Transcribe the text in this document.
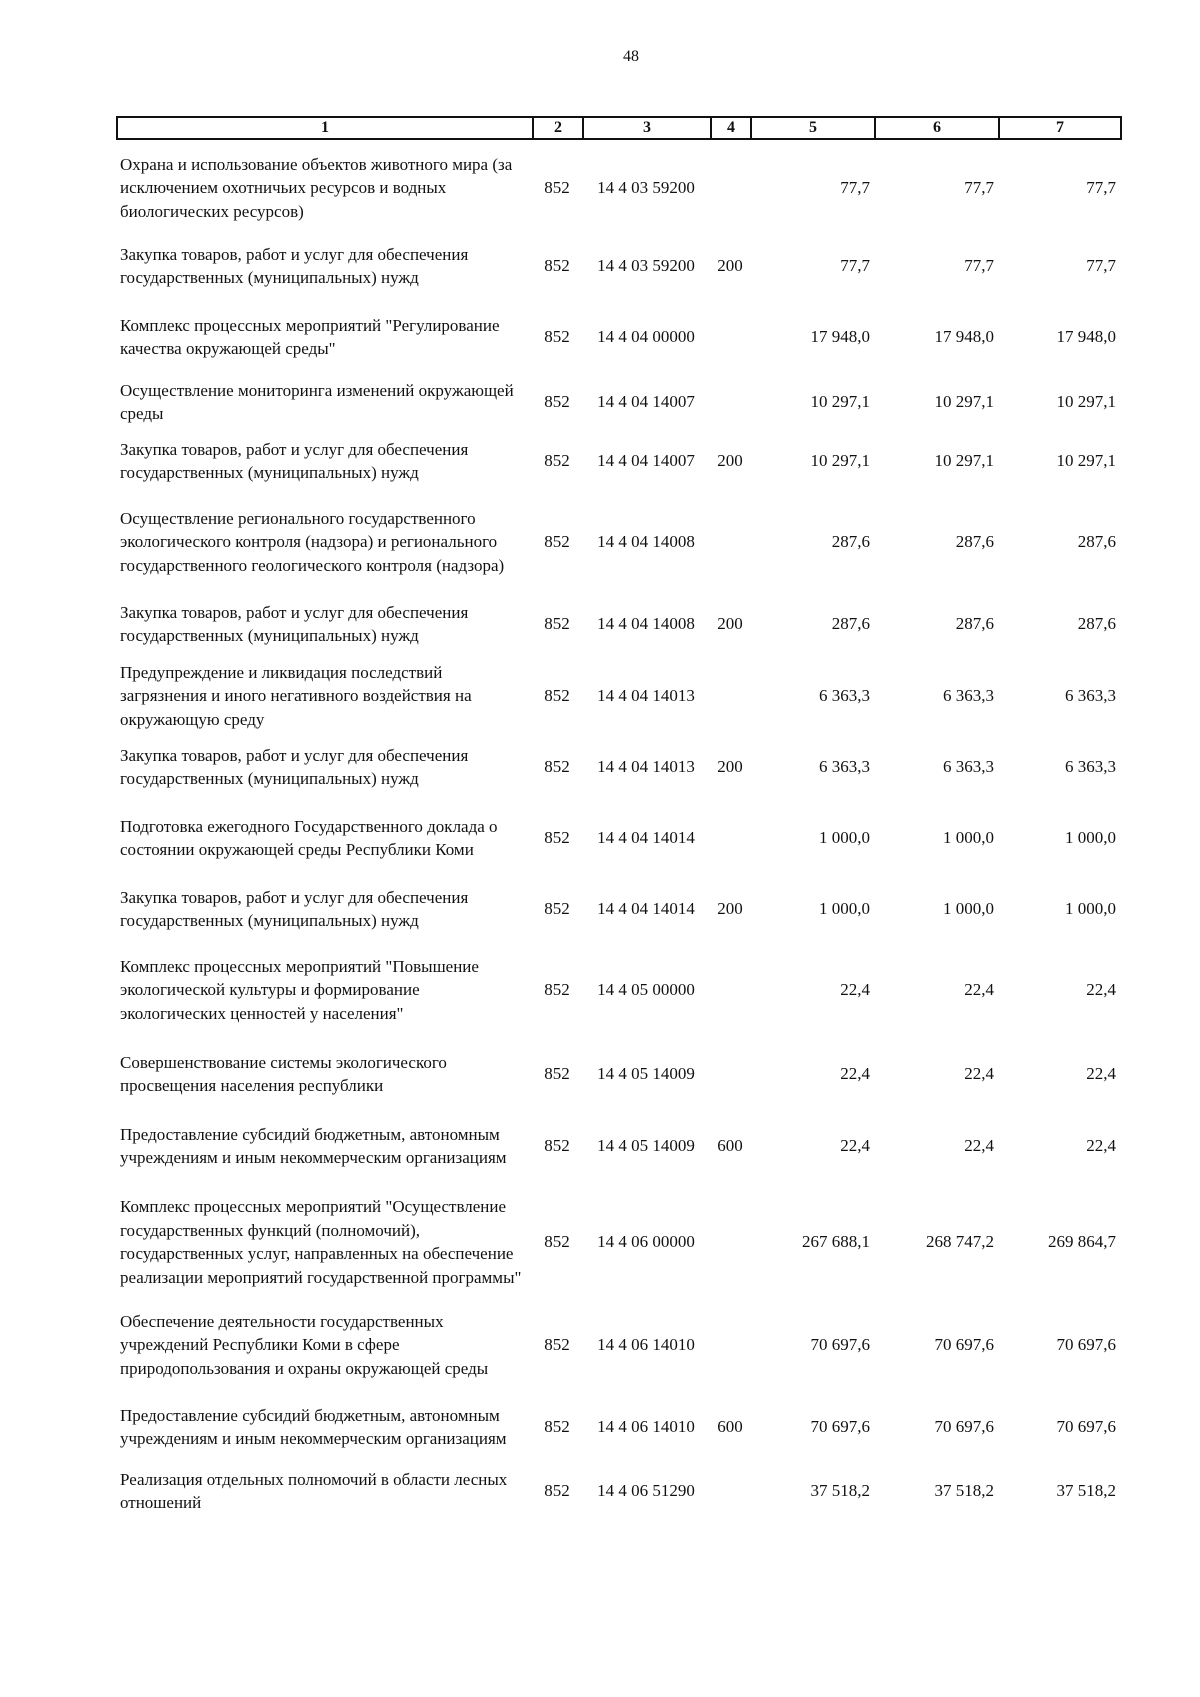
48
1	2	3	4	5	6	7
Охрана и использование объектов животного мира (за исключением охотничьих ресурсов и водных биологических ресурсов)	852	14 4 03 59200		77,7	77,7	77,7
Закупка товаров, работ и услуг для обеспечения государственных (муниципальных) нужд	852	14 4 03 59200	200	77,7	77,7	77,7
Комплекс процессных мероприятий "Регулирование качества окружающей среды"	852	14 4 04 00000		17 948,0	17 948,0	17 948,0
Осуществление мониторинга изменений окружающей среды	852	14 4 04 14007		10 297,1	10 297,1	10 297,1
Закупка товаров, работ и услуг для обеспечения государственных (муниципальных) нужд	852	14 4 04 14007	200	10 297,1	10 297,1	10 297,1
Осуществление регионального государственного экологического контроля (надзора) и регионального государственного геологического контроля (надзора)	852	14 4 04 14008		287,6	287,6	287,6
Закупка товаров, работ и услуг для обеспечения государственных (муниципальных) нужд	852	14 4 04 14008	200	287,6	287,6	287,6
Предупреждение и ликвидация последствий загрязнения и иного негативного воздействия на окружающую среду	852	14 4 04 14013		6 363,3	6 363,3	6 363,3
Закупка товаров, работ и услуг для обеспечения государственных (муниципальных) нужд	852	14 4 04 14013	200	6 363,3	6 363,3	6 363,3
Подготовка ежегодного Государственного доклада о состоянии окружающей среды Республики Коми	852	14 4 04 14014		1 000,0	1 000,0	1 000,0
Закупка товаров, работ и услуг для обеспечения государственных (муниципальных) нужд	852	14 4 04 14014	200	1 000,0	1 000,0	1 000,0
Комплекс процессных мероприятий "Повышение экологической культуры и формирование экологических ценностей у населения"	852	14 4 05 00000		22,4	22,4	22,4
Совершенствование системы экологического просвещения населения республики	852	14 4 05 14009		22,4	22,4	22,4
Предоставление субсидий бюджетным, автономным учреждениям и иным некоммерческим организациям	852	14 4 05 14009	600	22,4	22,4	22,4
Комплекс процессных мероприятий "Осуществление государственных функций (полномочий), государственных услуг, направленных на обеспечение реализации мероприятий государственной программы"	852	14 4 06 00000		267 688,1	268 747,2	269 864,7
Обеспечение деятельности государственных учреждений Республики Коми в сфере природопользования и охраны окружающей среды	852	14 4 06 14010		70 697,6	70 697,6	70 697,6
Предоставление субсидий бюджетным, автономным учреждениям и иным некоммерческим организациям	852	14 4 06 14010	600	70 697,6	70 697,6	70 697,6
Реализация отдельных полномочий в области лесных отношений	852	14 4 06 51290		37 518,2	37 518,2	37 518,2
